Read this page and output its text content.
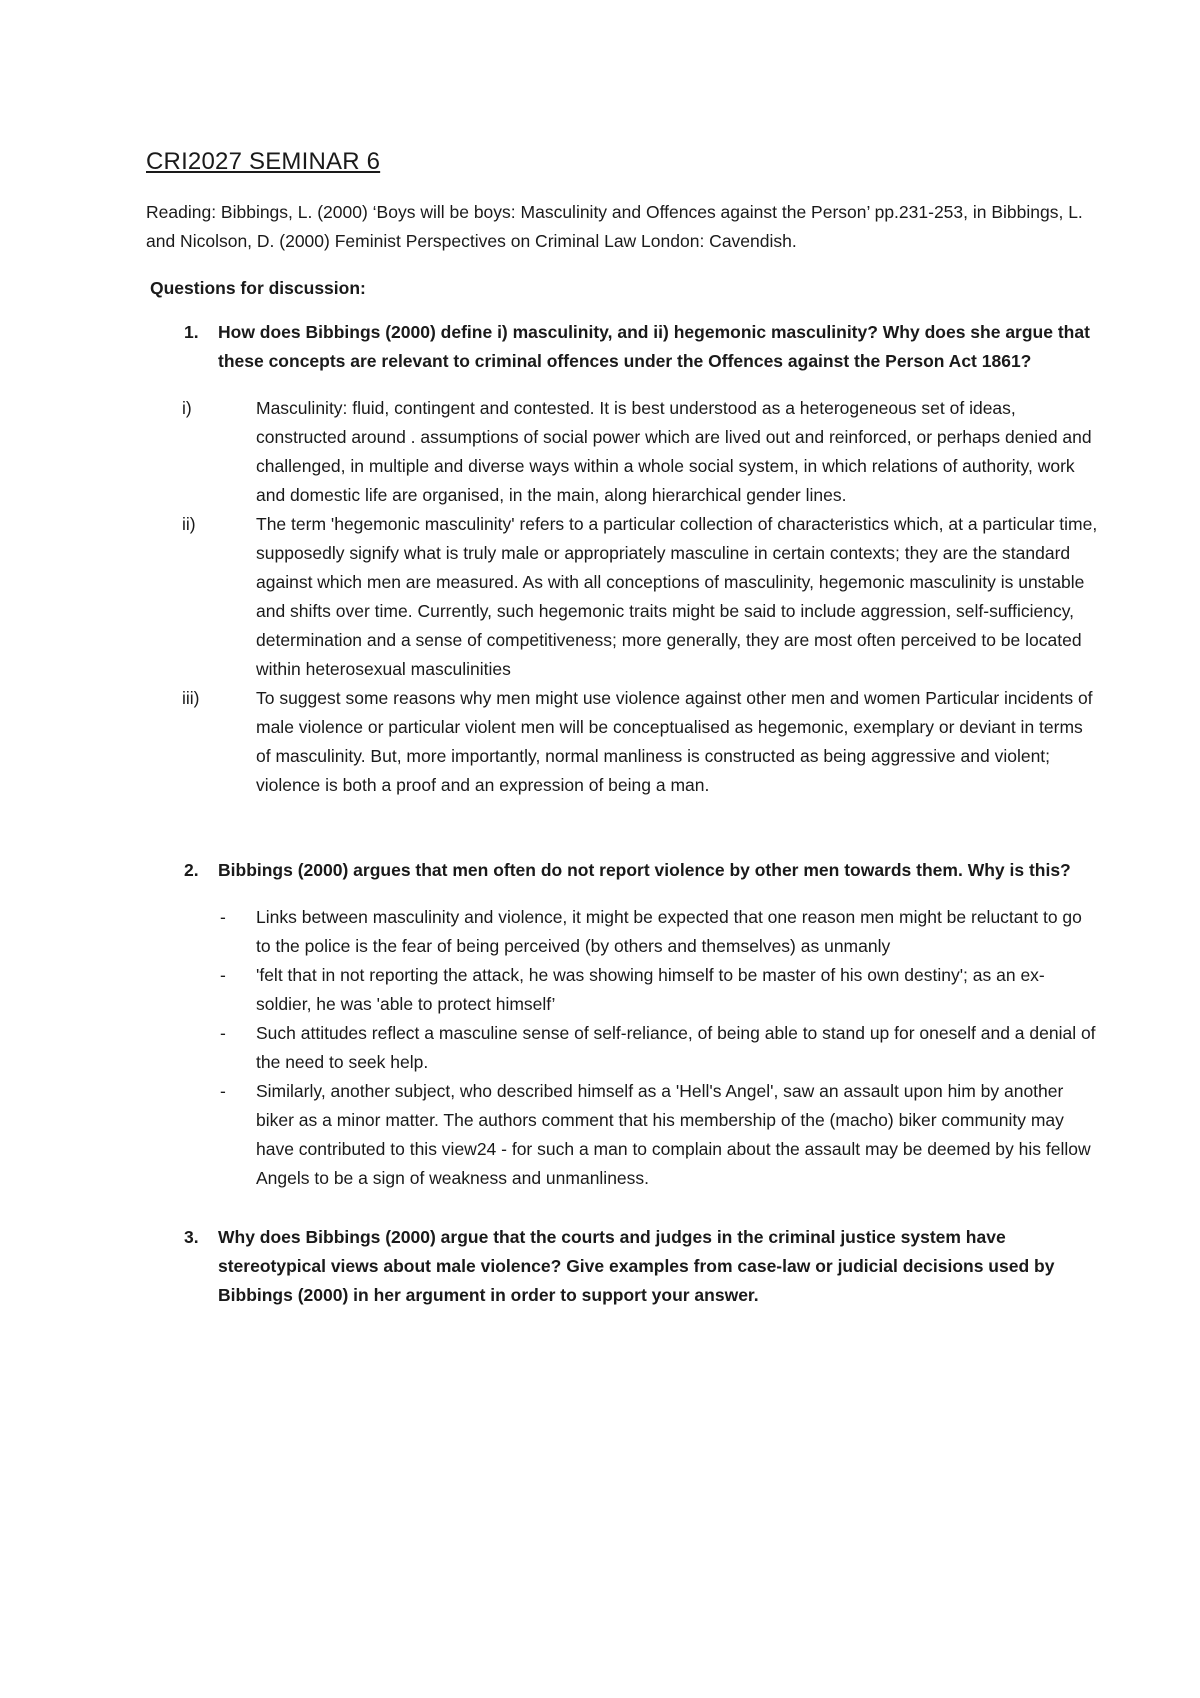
CRI2027 SEMINAR 6

Reading: Bibbings, L. (2000) ‘Boys will be boys: Masculinity and Offences against the Person’ pp.231-253, in Bibbings, L. and Nicolson, D. (2000) Feminist Perspectives on Criminal Law London: Cavendish.

Questions for discussion:
1.	How does Bibbings (2000) define i) masculinity, and ii) hegemonic masculinity? Why does she argue that these concepts are relevant to criminal offences under the Offences against the Person Act 1861?
i)	Masculinity: fluid, contingent and contested. It is best understood as a heterogeneous set of ideas, constructed around . assumptions of social power which are lived out and reinforced, or perhaps denied and challenged, in multiple and diverse ways within a whole social system, in which relations of authority, work and domestic life are organised, in the main, along hierarchical gender lines.
ii)	The term 'hegemonic masculinity' refers to a particular collection of characteristics which, at a particular time, supposedly signify what is truly male or appropriately masculine in certain contexts; they are the standard against which men are measured. As with all conceptions of masculinity, hegemonic masculinity is unstable and shifts over time. Currently, such hegemonic traits might be said to include aggression, self-sufficiency, determination and a sense of competitiveness; more generally, they are most often perceived to be located within heterosexual masculinities
iii)	To suggest some reasons why men might use violence against other men and women Particular incidents of male violence or particular violent men will be conceptualised as hegemonic, exemplary or deviant in terms of masculinity. But, more importantly, normal manliness is constructed as being aggressive and violent; violence is both a proof and an expression of being a man.
2.	Bibbings (2000) argues that men often do not report violence by other men towards them. Why is this?
-	Links between masculinity and violence, it might be expected that one reason men might be reluctant to go to the police is the fear of being perceived (by others and themselves) as unmanly
-	'felt that in not reporting the attack, he was showing himself to be master of his own destiny'; as an ex-soldier, he was 'able to protect himself’
-	Such attitudes reflect a masculine sense of self-reliance, of being able to stand up for oneself and a denial of the need to seek help.
-	Similarly, another subject, who described himself as a 'Hell's Angel', saw an assault upon him by another biker as a minor matter. The authors comment that his membership of the (macho) biker community may have contributed to this view24 - for such a man to complain about the assault may be deemed by his fellow Angels to be a sign of weakness and unmanliness.
3.	Why does Bibbings (2000) argue that the courts and judges in the criminal justice system have stereotypical views about male violence? Give examples from case-law or judicial decisions used by Bibbings (2000) in her argument in order to support your answer.
